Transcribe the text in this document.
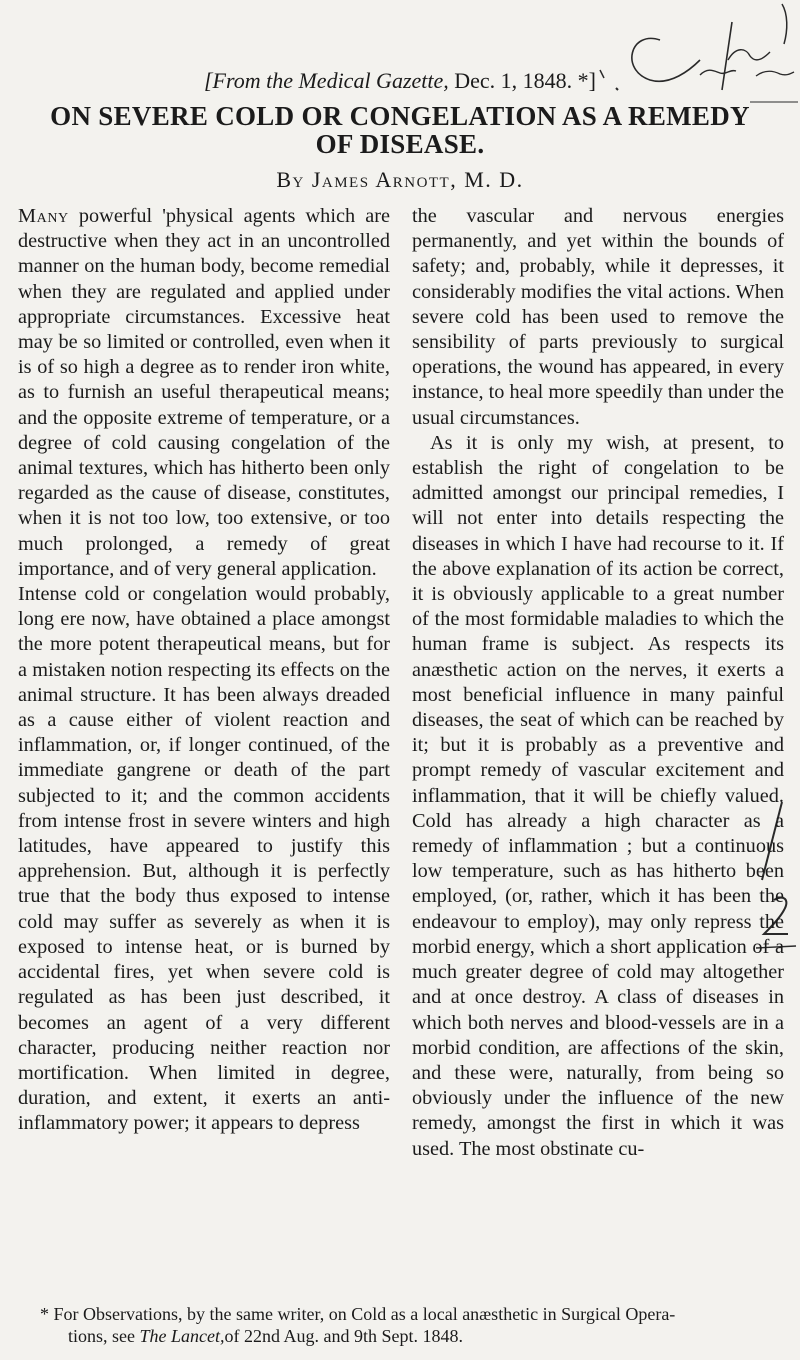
[From the Medical Gazette, Dec. 1, 1848. *]
ON SEVERE COLD OR CONGELATION AS A REMEDY
OF DISEASE.
By James Arnott, M. D.

Many powerful 'physical agents which are destructive when they act in an uncontrolled manner on the human body, become remedial when they are regulated and applied under appropriate circumstances. Excessive heat may be so limited or controlled, even when it is of so high a degree as to render iron white, as to furnish an useful therapeutical means; and the opposite extreme of temperature, or a degree of cold causing congelation of the animal textures, which has hitherto been only regarded as the cause of disease, constitutes, when it is not too low, too extensive, or too much prolonged, a remedy of great importance, and of very general application.

Intense cold or congelation would probably, long ere now, have obtained a place amongst the more potent therapeutical means, but for a mistaken notion respecting its effects on the animal structure. It has been always dreaded as a cause either of violent reaction and inflammation, or, if longer continued, of the immediate gangrene or death of the part subjected to it; and the common accidents from intense frost in severe winters and high latitudes, have appeared to justify this apprehension. But, although it is perfectly true that the body thus exposed to intense cold may suffer as severely as when it is exposed to intense heat, or is burned by accidental fires, yet when severe cold is regulated as has been just described, it becomes an agent of a very different character, producing neither reaction nor mortification. When limited in degree, duration, and extent, it exerts an anti-inflammatory power; it appears to depress

the vascular and nervous energies permanently, and yet within the bounds of safety; and, probably, while it depresses, it considerably modifies the vital actions. When severe cold has been used to remove the sensibility of parts previously to surgical operations, the wound has appeared, in every instance, to heal more speedily than under the usual circumstances.

As it is only my wish, at present, to establish the right of congelation to be admitted amongst our principal remedies, I will not enter into details respecting the diseases in which I have had recourse to it. If the above explanation of its action be correct, it is obviously applicable to a great number of the most formidable maladies to which the human frame is subject. As respects its anæsthetic action on the nerves, it exerts a most beneficial influence in many painful diseases, the seat of which can be reached by it; but it is probably as a preventive and prompt remedy of vascular excitement and inflammation, that it will be chiefly valued. Cold has already a high character as a remedy of inflammation ; but a continuous low temperature, such as has hitherto been employed, (or, rather, which it has been the endeavour to employ), may only repress the morbid energy, which a short application of a much greater degree of cold may altogether and at once destroy. A class of diseases in which both nerves and blood-vessels are in a morbid condition, are affections of the skin, and these were, naturally, from being so obviously under the influence of the new remedy, amongst the first in which it was used. The most obstinate cu-

* For Observations, by the same writer, on Cold as a local anæsthetic in Surgical Opera-
tions, see The Lancet,of 22nd Aug. and 9th Sept. 1848.
